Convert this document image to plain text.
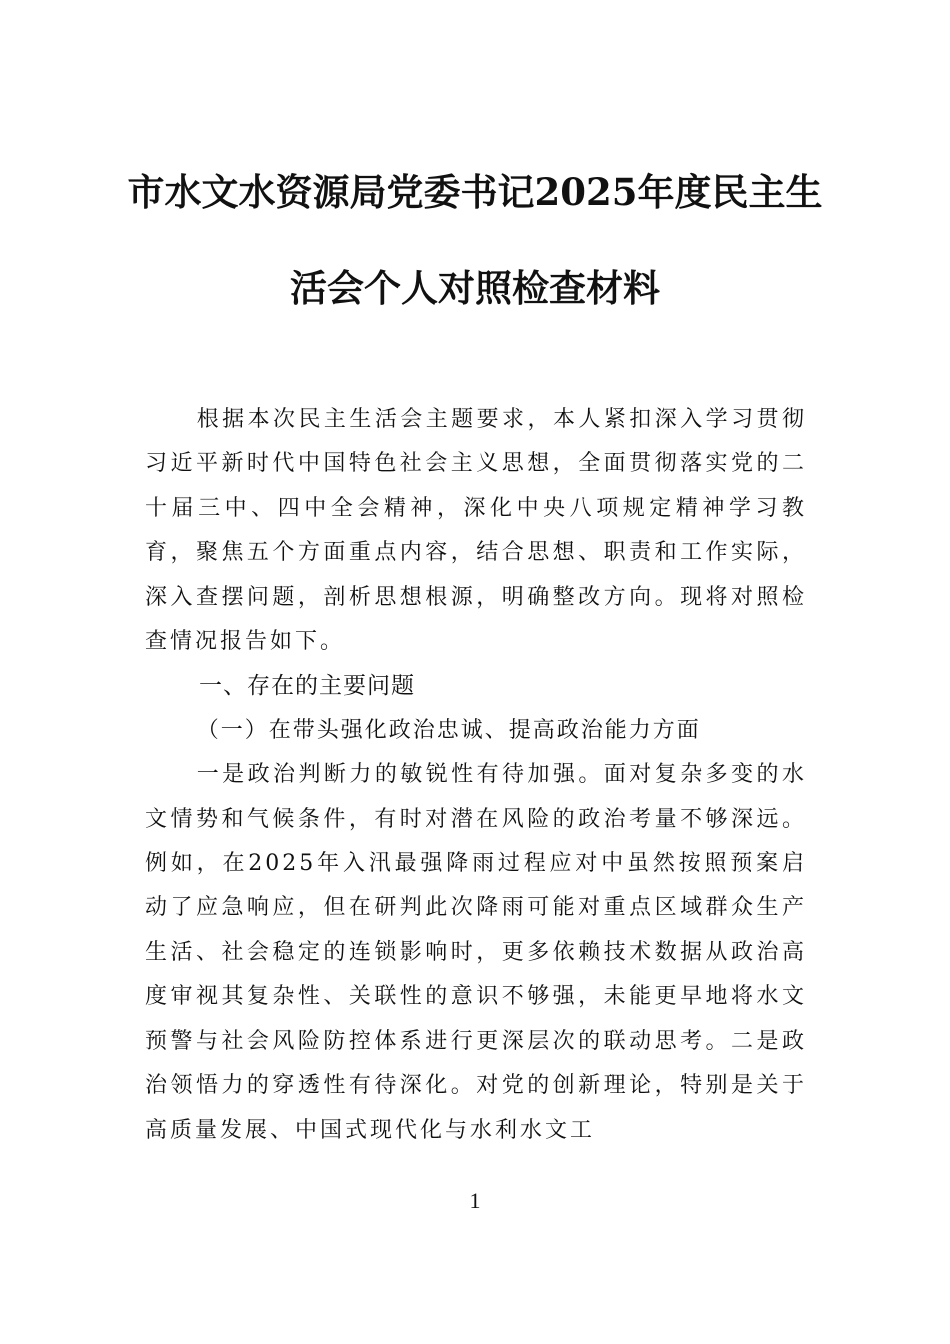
市水文水资源局党委书记2025年度民主生
活会个人对照检查材料

根据本次民主生活会主题要求，本人紧扣深入学习贯彻习近平新时代中国特色社会主义思想，全面贯彻落实党的二十届三中、四中全会精神，深化中央八项规定精神学习教育，聚焦五个方面重点内容，结合思想、职责和工作实际，深入查摆问题，剖析思想根源，明确整改方向。现将对照检查情况报告如下。

一、存在的主要问题

（一）在带头强化政治忠诚、提高政治能力方面

一是政治判断力的敏锐性有待加强。面对复杂多变的水文情势和气候条件，有时对潜在风险的政治考量不够深远。例如，在2025年入汛最强降雨过程应对中虽然按照预案启动了应急响应，但在研判此次降雨可能对重点区域群众生产生活、社会稳定的连锁影响时，更多依赖技术数据从政治高度审视其复杂性、关联性的意识不够强，未能更早地将水文预警与社会风险防控体系进行更深层次的联动思考。二是政治领悟力的穿透性有待深化。对党的创新理论，特别是关于高质量发展、中国式现代化与水利水文工

1
